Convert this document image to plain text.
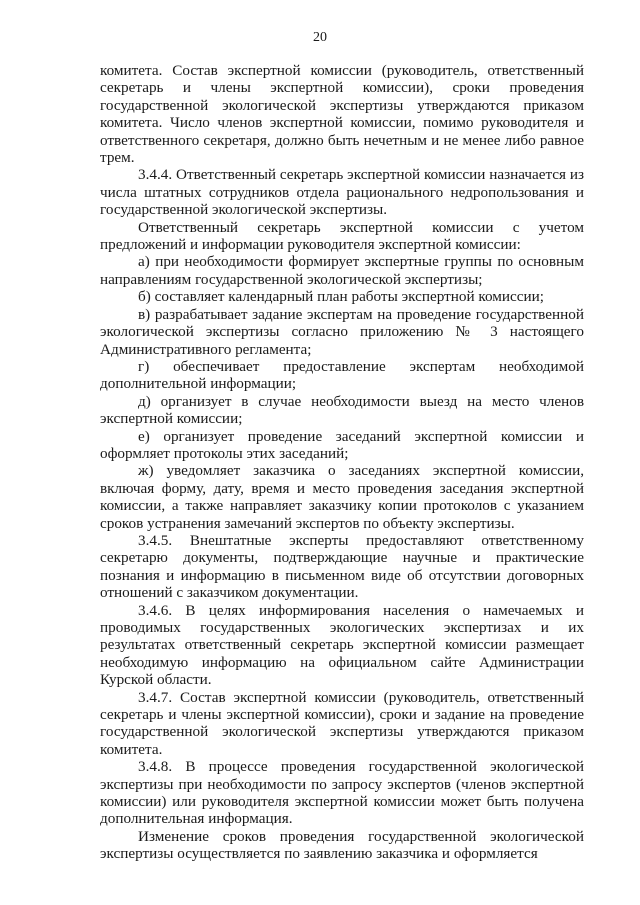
20

комитета. Состав экспертной комиссии (руководитель, ответственный секретарь и члены экспертной комиссии), сроки проведения государственной экологической экспертизы утверждаются приказом комитета. Число членов экспертной комиссии, помимо руководителя и ответственного секретаря, должно быть нечетным и не менее либо равное трем.

3.4.4. Ответственный секретарь экспертной комиссии назначается из числа штатных сотрудников отдела рационального недропользования и государственной экологической экспертизы.

Ответственный секретарь экспертной комиссии с учетом предложений и информации руководителя экспертной комиссии:

а) при необходимости формирует экспертные группы по основным направлениям государственной экологической экспертизы;

б) составляет календарный план работы экспертной комиссии;

в) разрабатывает задание экспертам на проведение государственной экологической экспертизы согласно приложению № 3 настоящего Административного регламента;

г) обеспечивает предоставление экспертам необходимой дополнительной информации;

д) организует в случае необходимости выезд на место членов экспертной комиссии;

е) организует проведение заседаний экспертной комиссии и оформляет протоколы этих заседаний;

ж) уведомляет заказчика о заседаниях экспертной комиссии, включая форму, дату, время и место проведения заседания экспертной комиссии, а также направляет заказчику копии протоколов с указанием сроков устранения замечаний экспертов по объекту экспертизы.

3.4.5. Внештатные эксперты предоставляют ответственному секретарю документы, подтверждающие научные и практические познания и информацию в письменном виде об отсутствии договорных отношений с заказчиком документации.

3.4.6. В целях информирования населения о намечаемых и проводимых государственных экологических экспертизах и их результатах ответственный секретарь экспертной комиссии размещает необходимую информацию на официальном сайте Администрации Курской области.

3.4.7. Состав экспертной комиссии (руководитель, ответственный секретарь и члены экспертной комиссии), сроки и задание на проведение государственной экологической экспертизы утверждаются приказом комитета.

3.4.8. В процессе проведения государственной экологической экспертизы при необходимости по запросу экспертов (членов экспертной комиссии) или руководителя экспертной комиссии может быть получена дополнительная информация.

Изменение сроков проведения государственной экологической экспертизы осуществляется по заявлению заказчика и оформляется
